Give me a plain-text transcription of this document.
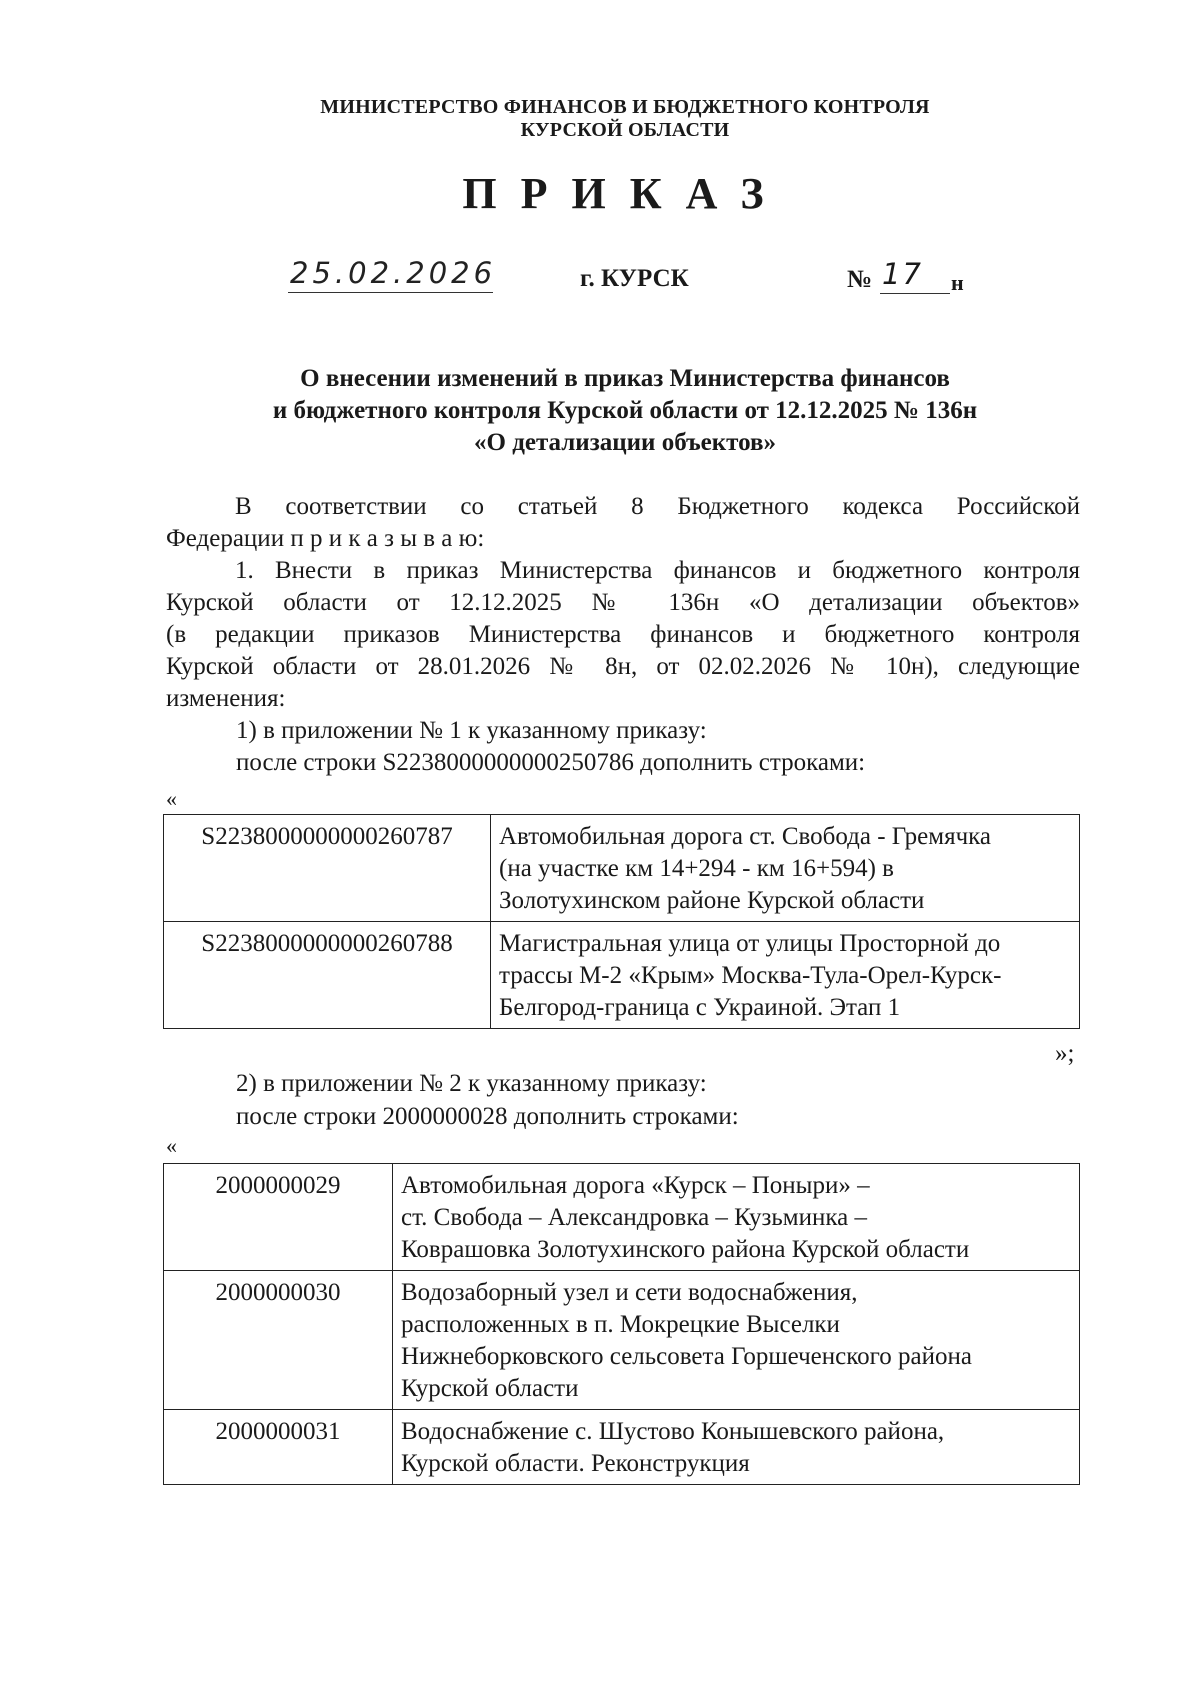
МИНИСТЕРСТВО ФИНАНСОВ И БЮДЖЕТНОГО КОНТРОЛЯ
КУРСКОЙ ОБЛАСТИ
ПРИКАЗ
25.02.2026	г. КУРСК	№ 17 н
О внесении изменений в приказ Министерства финансов
и бюджетного контроля Курской области от 12.12.2025 № 136н
«О детализации объектов»
В соответствии со статьей 8 Бюджетного кодекса Российской
Федерации п р и к а з ы в а ю:
1. Внести в приказ Министерства финансов и бюджетного контроля
Курской области от 12.12.2025 № 136н «О детализации объектов»
(в редакции приказов Министерства финансов и бюджетного контроля
Курской области от 28.01.2026 № 8н, от 02.02.2026 № 10н), следующие
изменения:
1) в приложении № 1 к указанному приказу:
после строки S2238000000000250786 дополнить строками:
«
S2238000000000260787	Автомобильная дорога ст. Свобода - Гремячка
(на участке км 14+294 - км 16+594) в
Золотухинском районе Курской области

S2238000000000260788	Магистральная улица от улицы Просторной до
трассы М-2 «Крым» Москва-Тула-Орел-Курск-
Белгород-граница с Украиной. Этап 1
»;
2) в приложении № 2 к указанному приказу:
после строки 2000000028 дополнить строками:
«
2000000029	Автомобильная дорога «Курск – Поныри» –
ст. Свобода – Александровка – Кузьминка –
Коврашовка Золотухинского района Курской области

2000000030	Водозаборный узел и сети водоснабжения,
расположенных в п. Мокрецкие Выселки
Нижнеборковского сельсовета Горшеченского района
Курской области

2000000031	Водоснабжение с. Шустово Конышевского района,
Курской области. Реконструкция
